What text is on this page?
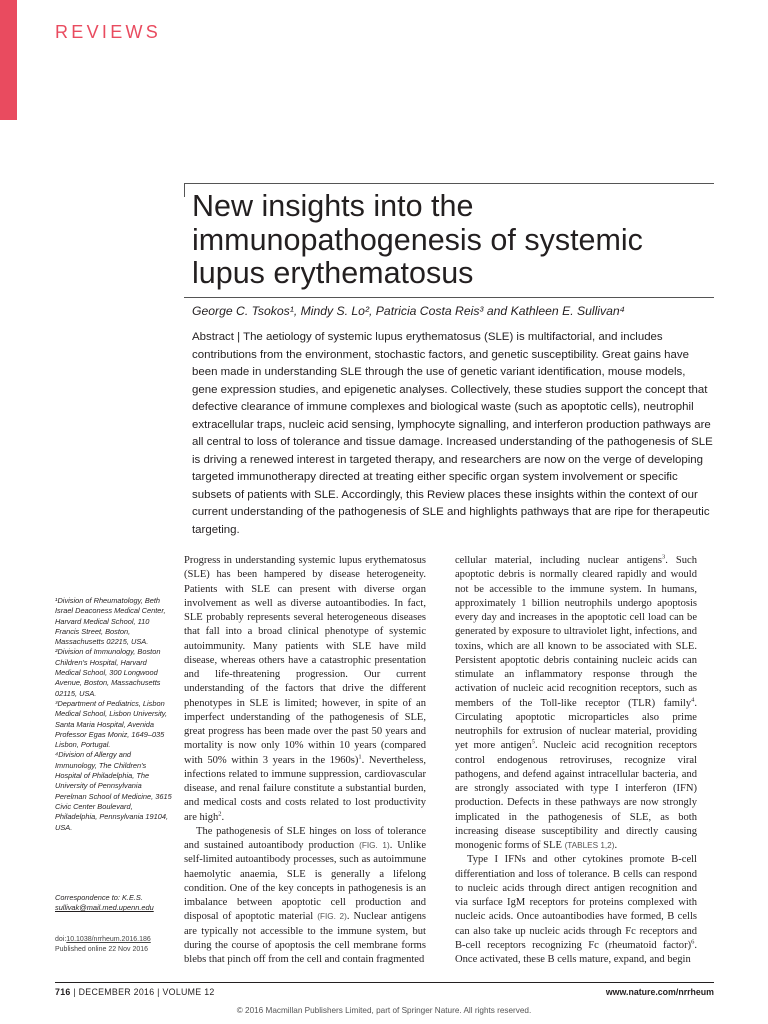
REVIEWS
New insights into the immunopathogenesis of systemic lupus erythematosus
George C. Tsokos¹, Mindy S. Lo², Patricia Costa Reis³ and Kathleen E. Sullivan⁴

Abstract | The aetiology of systemic lupus erythematosus (SLE) is multifactorial, and includes contributions from the environment, stochastic factors, and genetic susceptibility. Great gains have been made in understanding SLE through the use of genetic variant identification, mouse models, gene expression studies, and epigenetic analyses. Collectively, these studies support the concept that defective clearance of immune complexes and biological waste (such as apoptotic cells), neutrophil extracellular traps, nucleic acid sensing, lymphocyte signalling, and interferon production pathways are all central to loss of tolerance and tissue damage. Increased understanding of the pathogenesis of SLE is driving a renewed interest in targeted therapy, and researchers are now on the verge of developing targeted immunotherapy directed at treating either specific organ system involvement or specific subsets of patients with SLE. Accordingly, this Review places these insights within the context of our current understanding of the pathogenesis of SLE and highlights pathways that are ripe for therapeutic targeting.

¹Division of Rheumatology, Beth Israel Deaconess Medical Center, Harvard Medical School, 110 Francis Street, Boston, Massachusetts 02215, USA.

²Division of Immunology, Boston Children's Hospital, Harvard Medical School, 300 Longwood Avenue, Boston, Massachusetts 02115, USA.

³Department of Pediatrics, Lisbon Medical School, Lisbon University, Santa Maria Hospital, Avenida Professor Egas Moniz, 1649–035 Lisbon, Portugal.

⁴Division of Allergy and Immunology, The Children's Hospital of Philadelphia, The University of Pennsylvania Perelman School of Medicine, 3615 Civic Center Boulevard, Philadelphia, Pennsylvania 19104, USA.

Correspondence to: K.E.S.
sullivak@mail.med.upenn.edu
doi:10.1038/nrrheum.2016.186
Published online 22 Nov 2016

Progress in understanding systemic lupus erythematosus (SLE) has been hampered by disease heterogeneity. Patients with SLE can present with diverse organ involvement as well as diverse autoantibodies. In fact, SLE probably represents several heterogeneous diseases that fall into a broad clinical phenotype of systemic autoimmunity. Many patients with SLE have mild disease, whereas others have a catastrophic presentation and life-threatening progression. Our current understanding of the factors that drive the different phenotypes in SLE is limited; however, in spite of an imperfect understanding of the pathogenesis of SLE, great progress has been made over the past 50 years and mortality is now only 10% within 10 years (compared with 50% within 3 years in the 1960s)$^1$. Nevertheless, infections related to immune suppression, cardiovascular disease, and renal failure constitute a substantial burden, and medical costs and costs related to lost productivity are high$^2$.

The pathogenesis of SLE hinges on loss of tolerance and sustained autoantibody production (FIG. 1). Unlike self-limited autoantibody processes, such as autoimmune haemolytic anaemia, SLE is generally a lifelong condition. One of the key concepts in pathogenesis is an imbalance between apoptotic cell production and disposal of apoptotic material (FIG. 2). Nuclear antigens are typically not accessible to the immune system, but during the course of apoptosis the cell membrane forms blebs that pinch off from the cell and contain fragmented

cellular material, including nuclear antigens$^3$. Such apoptotic debris is normally cleared rapidly and would not be accessible to the immune system. In humans, approximately 1 billion neutrophils undergo apoptosis every day and increases in the apoptotic cell load can be generated by exposure to ultraviolet light, infections, and toxins, which are all known to be associated with SLE. Persistent apoptotic debris containing nucleic acids can stimulate an inflammatory response through the activation of nucleic acid recognition receptors, such as members of the Toll-like receptor (TLR) family$^4$. Circulating apoptotic microparticles also prime neutrophils for extrusion of nuclear material, providing yet more antigen$^5$. Nucleic acid recognition receptors control endogenous retroviruses, recognize viral pathogens, and defend against intracellular bacteria, and are strongly associated with type I interferon (IFN) production. Defects in these pathways are now strongly implicated in the pathogenesis of SLE, as both increasing disease susceptibility and directly causing monogenic forms of SLE (TABLES 1,2).

Type I IFNs and other cytokines promote B-cell differentiation and loss of tolerance. B cells can respond to nucleic acids through direct antigen recognition and via surface IgM receptors for proteins complexed with nucleic acids. Once autoantibodies have formed, B cells can also take up nucleic acids through Fc receptors and B-cell receptors recognizing Fc (rheumatoid factor)$^6$. Once activated, these B cells mature, expand, and begin

716 | DECEMBER 2016 | VOLUME 12	www.nature.com/nrrheum
© 2016 Macmillan Publishers Limited, part of Springer Nature. All rights reserved.
